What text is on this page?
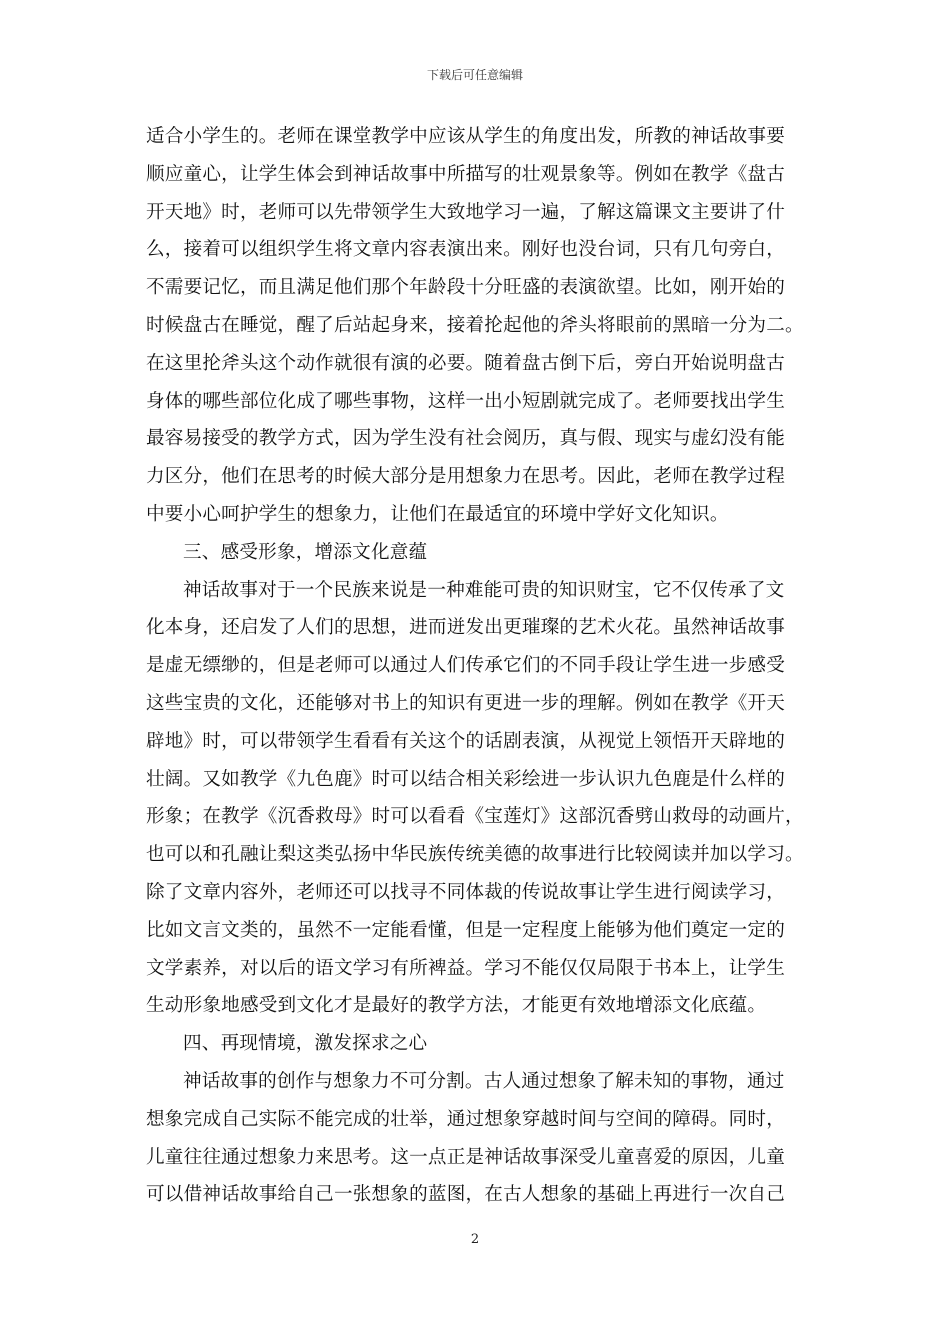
下载后可任意编辑
适合小学生的。老师在课堂教学中应该从学生的角度出发，所教的神话故事要
顺应童心，让学生体会到神话故事中所描写的壮观景象等。例如在教学《盘古
开天地》时，老师可以先带领学生大致地学习一遍，了解这篇课文主要讲了什
么，接着可以组织学生将文章内容表演出来。刚好也没台词，只有几句旁白，
不需要记忆，而且满足他们那个年龄段十分旺盛的表演欲望。比如，刚开始的
时候盘古在睡觉，醒了后站起身来，接着抡起他的斧头将眼前的黑暗一分为二。
在这里抡斧头这个动作就很有演的必要。随着盘古倒下后，旁白开始说明盘古
身体的哪些部位化成了哪些事物，这样一出小短剧就完成了。老师要找出学生
最容易接受的教学方式，因为学生没有社会阅历，真与假、现实与虚幻没有能
力区分，他们在思考的时候大部分是用想象力在思考。因此，老师在教学过程
中要小心呵护学生的想象力，让他们在最适宜的环境中学好文化知识。
三、感受形象，增添文化意蕴
神话故事对于一个民族来说是一种难能可贵的知识财宝，它不仅传承了文
化本身，还启发了人们的思想，进而迸发出更璀璨的艺术火花。虽然神话故事
是虚无缥缈的，但是老师可以通过人们传承它们的不同手段让学生进一步感受
这些宝贵的文化，还能够对书上的知识有更进一步的理解。例如在教学《开天
辟地》时，可以带领学生看看有关这个的话剧表演，从视觉上领悟开天辟地的
壮阔。又如教学《九色鹿》时可以结合相关彩绘进一步认识九色鹿是什么样的
形象；在教学《沉香救母》时可以看看《宝莲灯》这部沉香劈山救母的动画片，
也可以和孔融让梨这类弘扬中华民族传统美德的故事进行比较阅读并加以学习。
除了文章内容外，老师还可以找寻不同体裁的传说故事让学生进行阅读学习，
比如文言文类的，虽然不一定能看懂，但是一定程度上能够为他们奠定一定的
文学素养，对以后的语文学习有所裨益。学习不能仅仅局限于书本上，让学生
生动形象地感受到文化才是最好的教学方法，才能更有效地增添文化底蕴。
四、再现情境，激发探求之心
神话故事的创作与想象力不可分割。古人通过想象了解未知的事物，通过
想象完成自己实际不能完成的壮举，通过想象穿越时间与空间的障碍。同时，
儿童往往通过想象力来思考。这一点正是神话故事深受儿童喜爱的原因，儿童
可以借神话故事给自己一张想象的蓝图，在古人想象的基础上再进行一次自己
2
